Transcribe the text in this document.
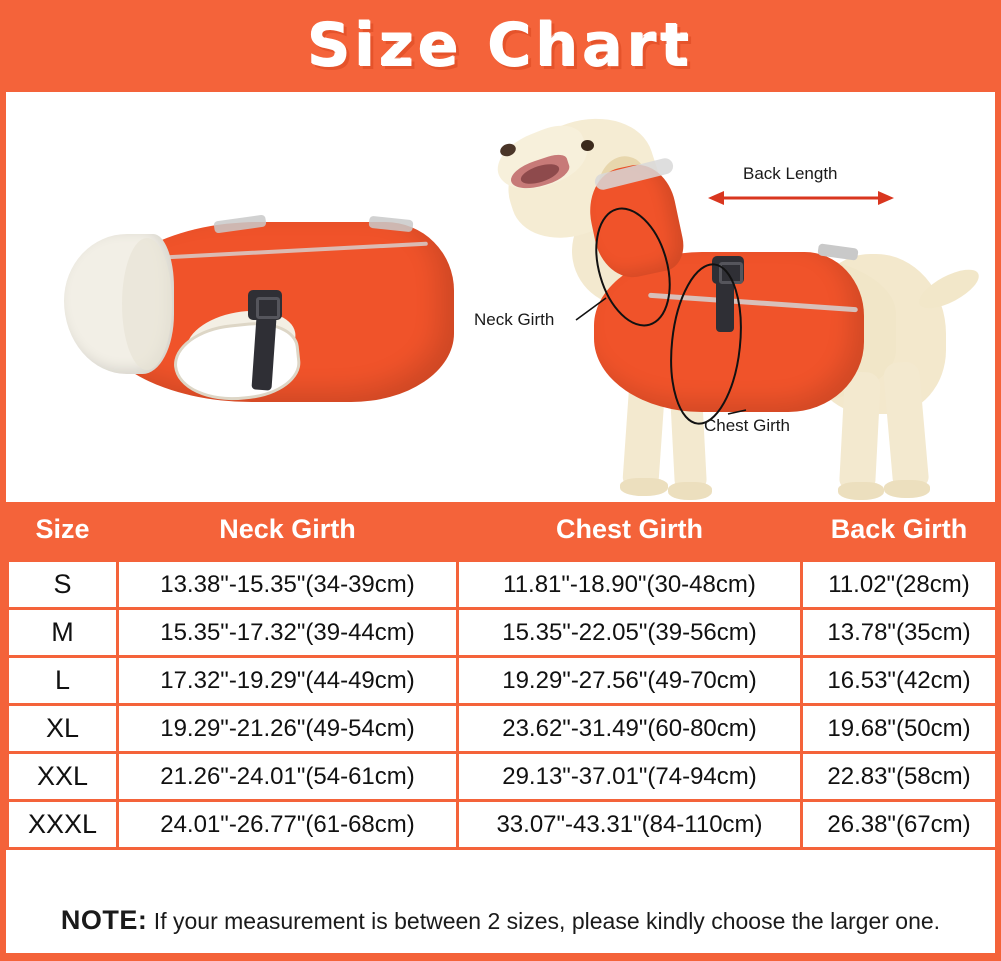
Size Chart
Back Length
Neck Girth
Chest Girth
Size	Neck Girth	Chest Girth	Back Girth
S	13.38"-15.35"(34-39cm)	11.81"-18.90"(30-48cm)	11.02"(28cm)
M	15.35"-17.32"(39-44cm)	15.35"-22.05"(39-56cm)	13.78"(35cm)
L	17.32"-19.29"(44-49cm)	19.29"-27.56"(49-70cm)	16.53"(42cm)
XL	19.29"-21.26"(49-54cm)	23.62"-31.49"(60-80cm)	19.68"(50cm)
XXL	21.26"-24.01"(54-61cm)	29.13"-37.01"(74-94cm)	22.83"(58cm)
XXXL	24.01"-26.77"(61-68cm)	33.07"-43.31"(84-110cm)	26.38"(67cm)
NOTE: If your measurement is between 2 sizes, please kindly choose the larger one.
